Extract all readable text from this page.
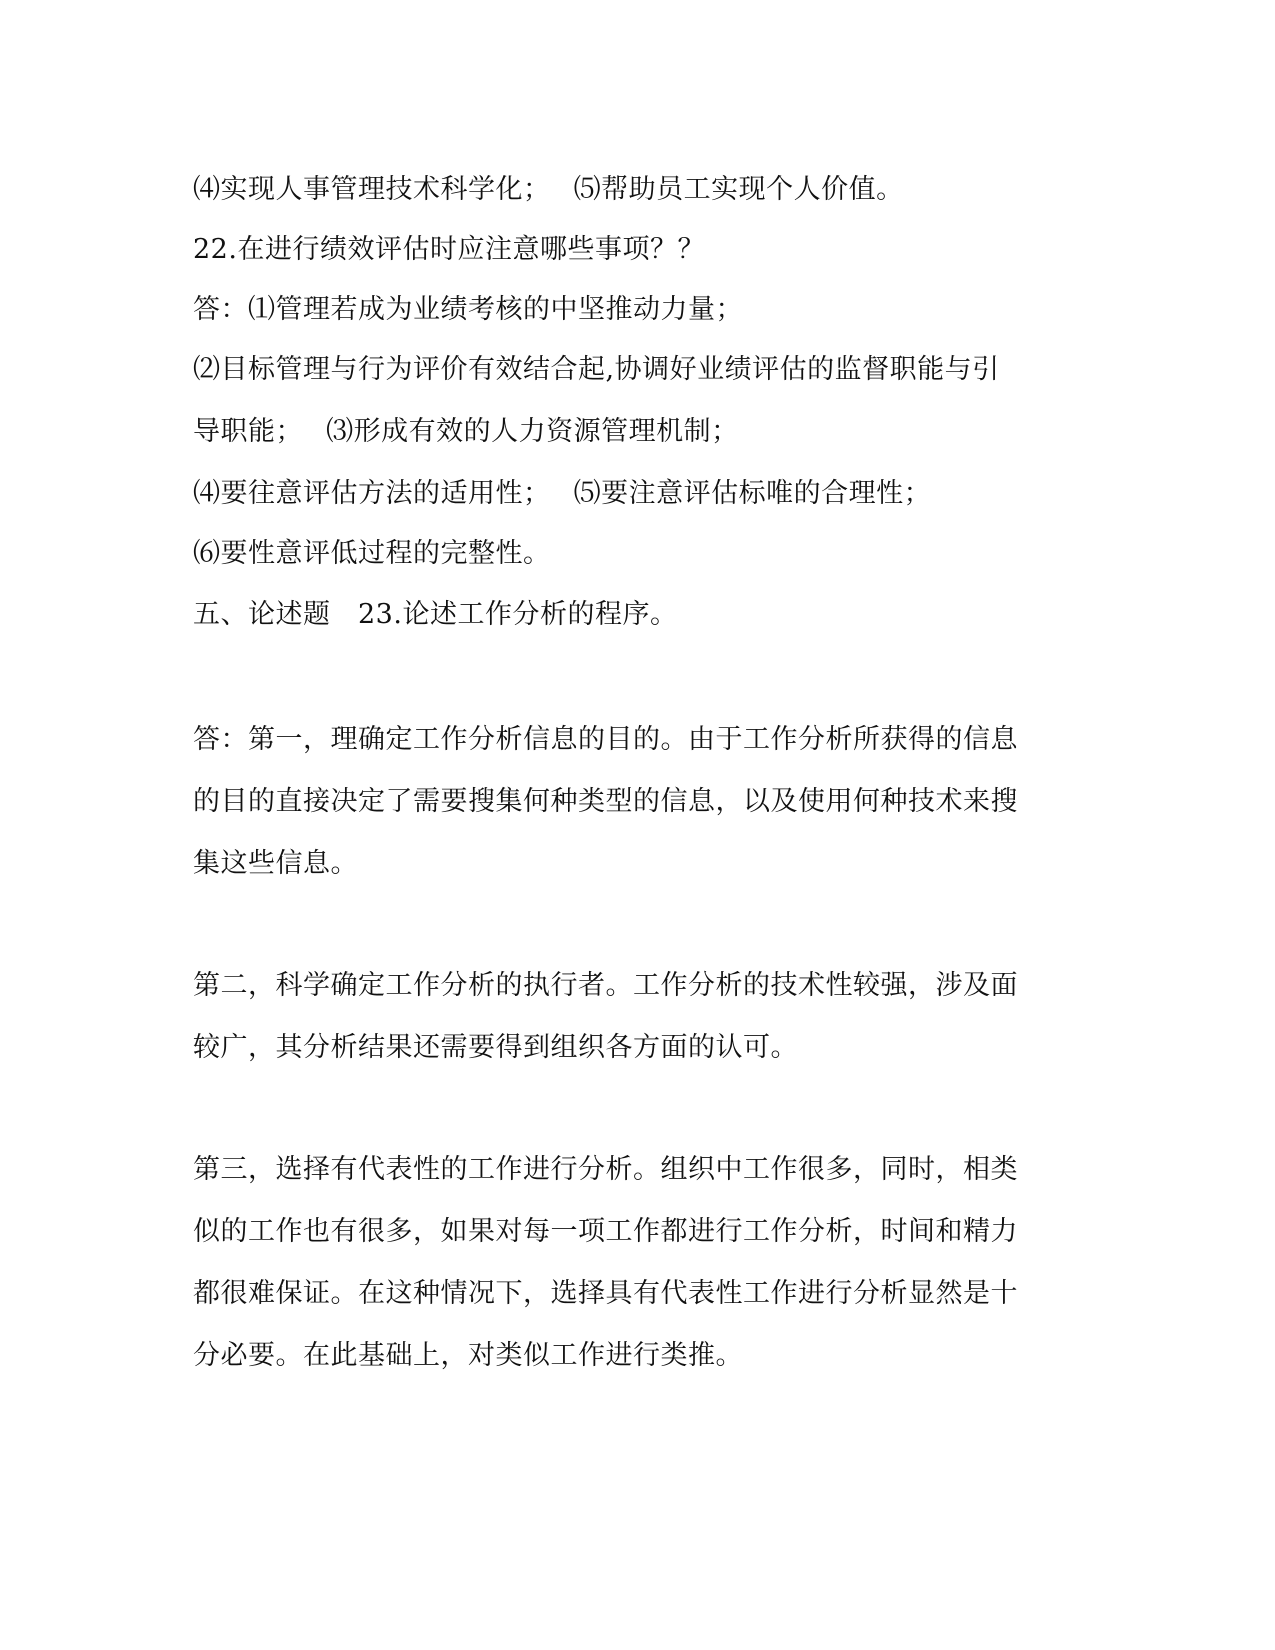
⑷实现人事管理技术科学化；　 ⑸帮助员工实现个人价值。
22.在进行绩效评估时应注意哪些事项？？
答：⑴管理若成为业绩考核的中坚推动力量；
⑵目标管理与行为评价有效结合起,协调好业绩评估的监督职能与引
导职能；　 ⑶形成有效的人力资源管理机制；
⑷要往意评估方法的适用性；　 ⑸要注意评估标唯的合理性；
⑹要性意评低过程的完整性。
五、论述题　23.论述工作分析的程序。
答：第一，理确定工作分析信息的目的。由于工作分析所获得的信息
的目的直接决定了需要搜集何种类型的信息，以及使用何种技术来搜
集这些信息。
第二，科学确定工作分析的执行者。工作分析的技术性较强，涉及面
较广，其分析结果还需要得到组织各方面的认可。
第三，选择有代表性的工作进行分析。组织中工作很多，同时，相类
似的工作也有很多，如果对每一项工作都进行工作分析，时间和精力
都很难保证。在这种情况下，选择具有代表性工作进行分析显然是十
分必要。在此基础上，对类似工作进行类推。
